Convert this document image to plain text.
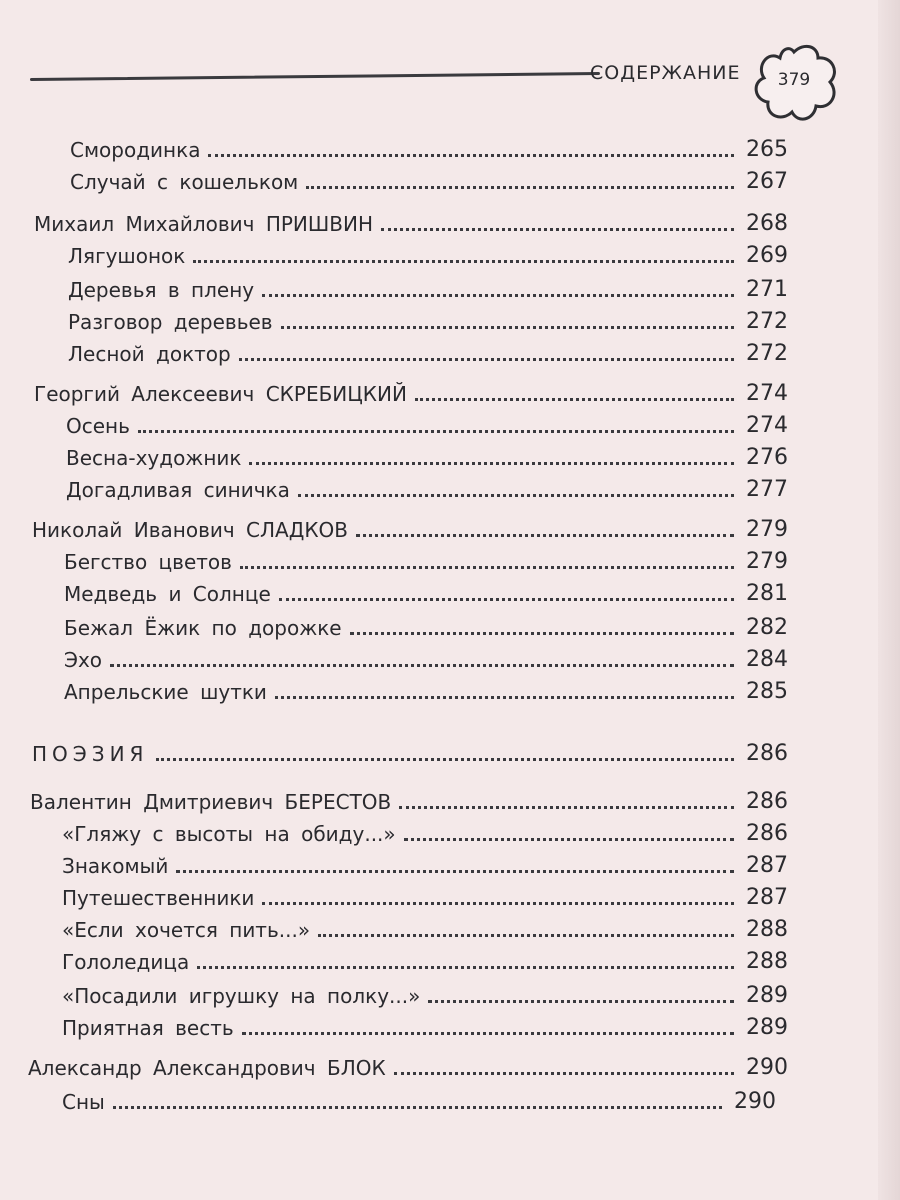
СОДЕРЖАНИЕ	379
Смородинка	265
Случай с кошельком	267
Михаил Михайлович ПРИШВИН	268
Лягушонок	269
Деревья в плену	271
Разговор деревьев	272
Лесной доктор	272
Георгий Алексеевич СКРЕБИЦКИЙ	274
Осень	274
Весна-художник	276
Догадливая синичка	277
Николай Иванович СЛАДКОВ	279
Бегство цветов	279
Медведь и Солнце	281
Бежал Ёжик по дорожке	282
Эхо	284
Апрельские шутки	285
ПОЭЗИЯ	286
Валентин Дмитриевич БЕРЕСТОВ	286
«Гляжу с высоты на обиду...»	286
Знакомый	287
Путешественники	287
«Если хочется пить...»	288
Гололедица	288
«Посадили игрушку на полку...»	289
Приятная весть	289
Александр Александрович БЛОК	290
Сны	290
